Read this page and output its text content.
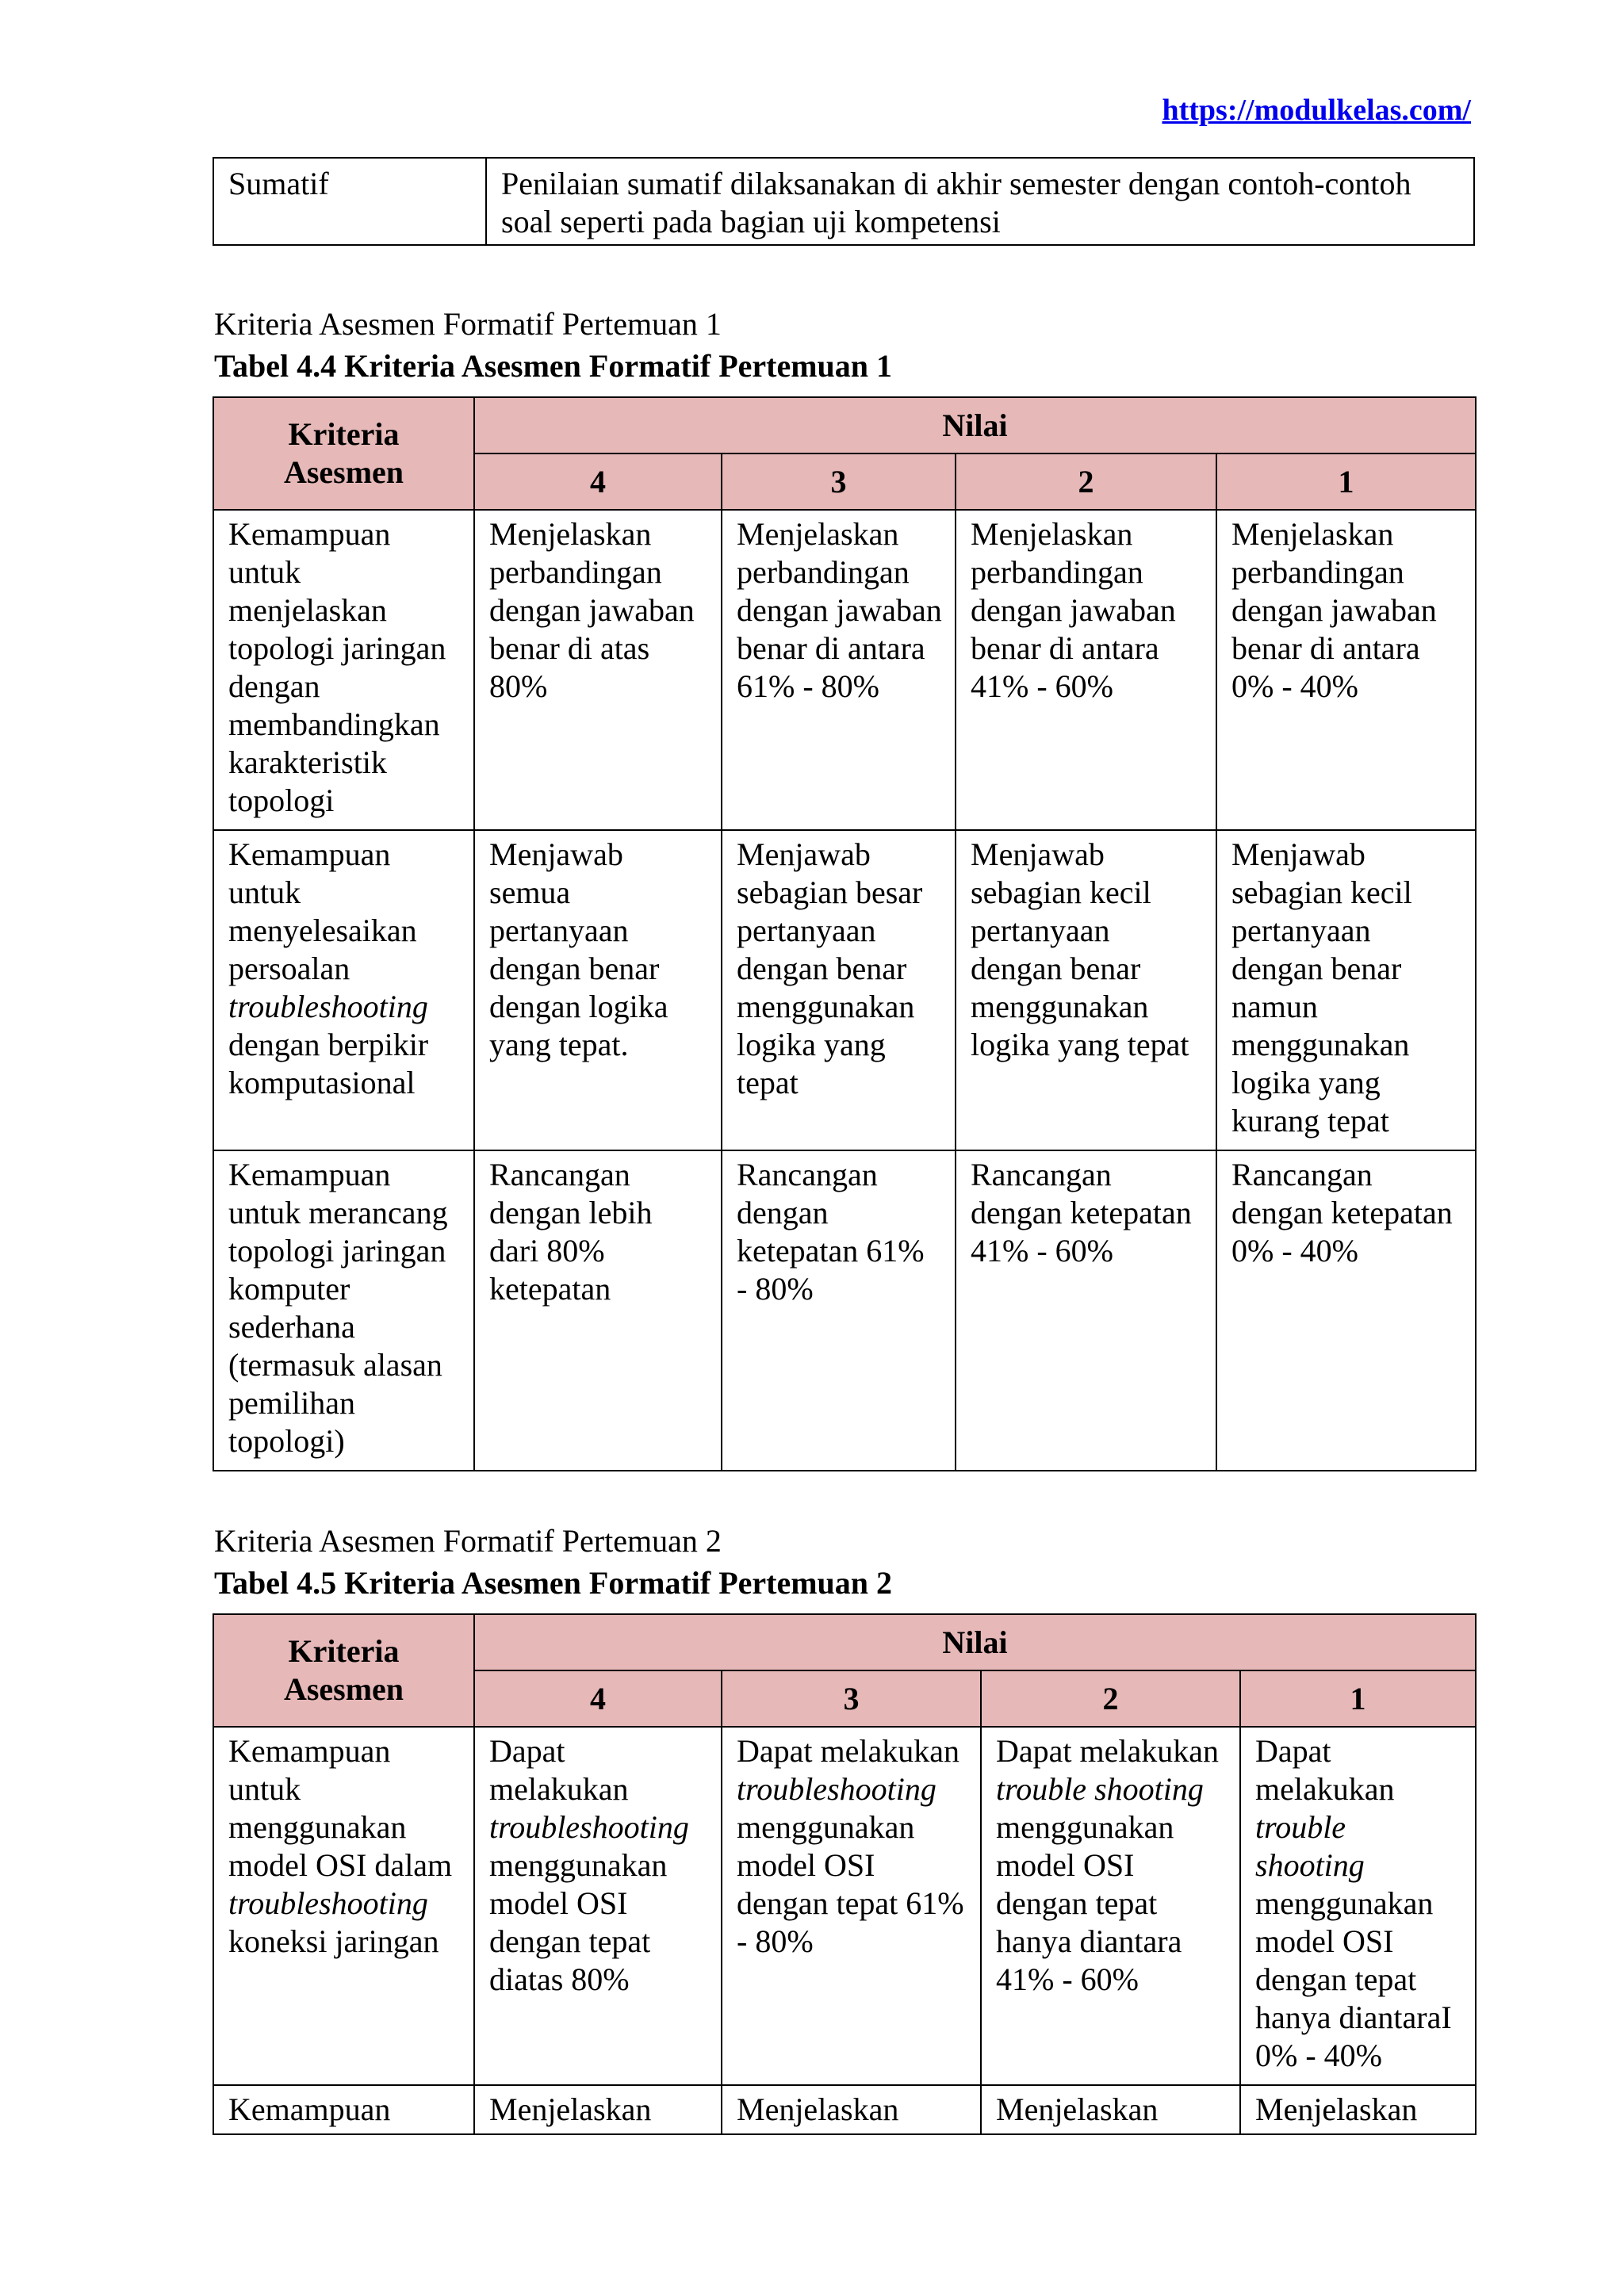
https://modulkelas.com/
Sumatif	Penilaian sumatif dilaksanakan di akhir semester dengan contoh-contoh soal seperti pada bagian uji kompetensi
Kriteria Asesmen Formatif Pertemuan 1
Tabel 4.4 Kriteria Asesmen Formatif Pertemuan 1
Kriteria Asesmen	Nilai			
	4	3	2	1
Kemampuan untuk menjelaskan topologi jaringan dengan membandingkan karakteristik topologi	Menjelaskan perbandingan dengan jawaban benar di atas 80%	Menjelaskan perbandingan dengan jawaban benar di antara 61% - 80%	Menjelaskan perbandingan dengan jawaban benar di antara 41% - 60%	Menjelaskan perbandingan dengan jawaban benar di antara 0% - 40%
Kemampuan untuk menyelesaikan persoalan troubleshooting dengan berpikir komputasional	Menjawab semua pertanyaan dengan benar dengan logika yang tepat.	Menjawab sebagian besar pertanyaan dengan benar menggunakan logika yang tepat	Menjawab sebagian kecil pertanyaan dengan benar menggunakan logika yang tepat	Menjawab sebagian kecil pertanyaan dengan benar namun menggunakan logika yang kurang tepat
Kemampuan untuk merancang topologi jaringan komputer sederhana (termasuk alasan pemilihan topologi)	Rancangan dengan lebih dari 80% ketepatan	Rancangan dengan ketepatan 61% - 80%	Rancangan dengan ketepatan 41% - 60%	Rancangan dengan ketepatan 0% - 40%
Kriteria Asesmen Formatif Pertemuan 2
Tabel 4.5 Kriteria Asesmen Formatif Pertemuan 2
Kriteria Asesmen	Nilai			
	4	3	2	1
Kemampuan untuk menggunakan model OSI dalam troubleshooting koneksi jaringan	Dapat melakukan troubleshooting menggunakan model OSI dengan tepat diatas 80%	Dapat melakukan troubleshooting menggunakan model OSI dengan tepat 61% - 80%	Dapat melakukan trouble shooting menggunakan model OSI dengan tepat hanya diantara 41% - 60%	Dapat melakukan trouble shooting menggunakan model OSI dengan tepat hanya diantaraI 0% - 40%
Kemampuan	Menjelaskan	Menjelaskan	Menjelaskan	Menjelaskan
